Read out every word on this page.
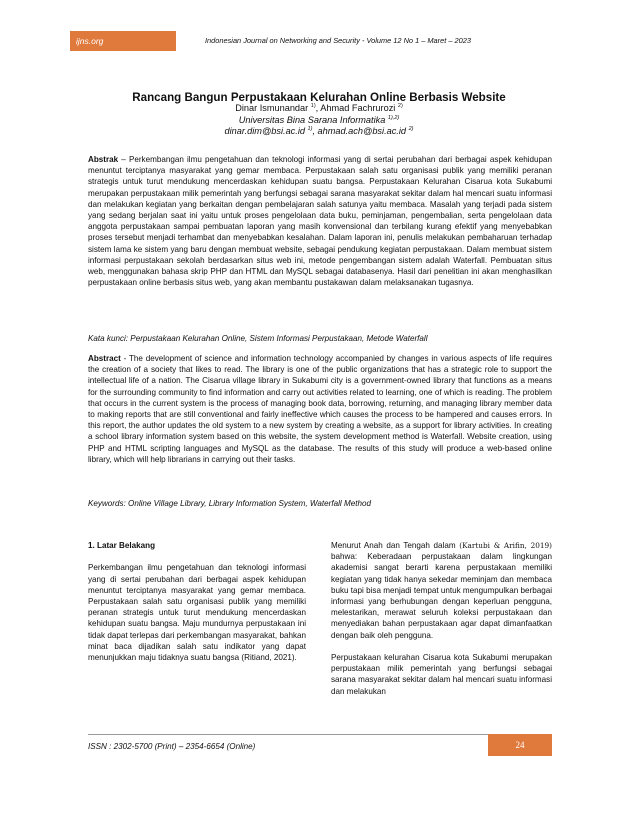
ijns.org	Indonesian Journal on Networking and Security - Volume 12 No 1 – Maret – 2023
Rancang Bangun Perpustakaan Kelurahan Online Berbasis Website
Dinar Ismunandar $^{1)}$, Ahmad Fachrurozi $^{2)}$
Universitas Bina Sarana Informatika $^{1),2)}$
dinar.dim@bsi.ac.id $^{1)}$, ahmad.ach@bsi.ac.id $^{2)}$
Abstrak – Perkembangan ilmu pengetahuan dan teknologi informasi yang di sertai perubahan dari berbagai aspek kehidupan menuntut terciptanya masyarakat yang gemar membaca. Perpustakaan salah satu organisasi publik yang memiliki peranan strategis untuk turut mendukung mencerdaskan kehidupan suatu bangsa. Perpustakaan Kelurahan Cisarua kota Sukabumi merupakan perpustakaan milik pemerintah yang berfungsi sebagai sarana masyarakat sekitar dalam hal mencari suatu informasi dan melakukan kegiatan yang berkaitan dengan pembelajaran salah satunya yaitu membaca. Masalah yang terjadi pada sistem yang sedang berjalan saat ini yaitu untuk proses pengelolaan data buku, peminjaman, pengembalian, serta pengelolaan data anggota perpustakaan sampai pembuatan laporan yang masih konvensional dan terbilang kurang efektif yang menyebabkan proses tersebut menjadi terhambat dan menyebabkan kesalahan. Dalam laporan ini, penulis melakukan pembaharuan terhadap sistem lama ke sistem yang baru dengan membuat website, sebagai pendukung kegiatan perpustakaan. Dalam membuat sistem informasi perpustakaan sekolah berdasarkan situs web ini, metode pengembangan sistem adalah Waterfall. Pembuatan situs web, menggunakan bahasa skrip PHP dan HTML dan MySQL sebagai databasenya. Hasil dari penelitian ini akan menghasilkan perpustakaan online berbasis situs web, yang akan membantu pustakawan dalam melaksanakan tugasnya.
Kata kunci: Perpustakaan Kelurahan Online, Sistem Informasi Perpustakaan, Metode Waterfall
Abstract - The development of science and information technology accompanied by changes in various aspects of life requires the creation of a society that likes to read. The library is one of the public organizations that has a strategic role to support the intellectual life of a nation. The Cisarua village library in Sukabumi city is a government-owned library that functions as a means for the surrounding community to find information and carry out activities related to learning, one of which is reading. The problem that occurs in the current system is the process of managing book data, borrowing, returning, and managing library member data to making reports that are still conventional and fairly ineffective which causes the process to be hampered and causes errors. In this report, the author updates the old system to a new system by creating a website, as a support for library activities. In creating a school library information system based on this website, the system development method is Waterfall. Website creation, using PHP and HTML scripting languages and MySQL as the database. The results of this study will produce a web-based online library, which will help librarians in carrying out their tasks.
Keywords: Online Village Library, Library Information System, Waterfall Method

1. Latar Belakang

Perkembangan ilmu pengetahuan dan teknologi informasi yang di sertai perubahan dari berbagai aspek kehidupan menuntut terciptanya masyarakat yang gemar membaca. Perpustakaan salah satu organisasi publik yang memiliki peranan strategis untuk turut mendukung mencerdaskan kehidupan suatu bangsa. Maju mundurnya perpustakaan ini tidak dapat terlepas dari perkembangan masyarakat, bahkan minat baca dijadikan salah satu indikator yang dapat menunjukkan maju tidaknya suatu bangsa (Ritiand, 2021).

Menurut Anah dan Tengah dalam (Kartubi & Arifin, 2019) bahwa: Keberadaan perpustakaan dalam lingkungan akademisi sangat berarti karena perpustakaan memiliki kegiatan yang tidak hanya sekedar meminjam dan membaca buku tapi bisa menjadi tempat untuk mengumpulkan berbagai informasi yang berhubungan dengan keperluan pengguna, melestarikan, merawat seluruh koleksi perpustakaan dan menyediakan bahan perpustakaan agar dapat dimanfaatkan dengan baik oleh pengguna.

Perpustakaan kelurahan Cisarua kota Sukabumi merupakan perpustakaan milik pemerintah yang berfungsi sebagai sarana masyarakat sekitar dalam hal mencari suatu informasi dan melakukan

ISSN : 2302-5700 (Print) – 2354-6654 (Online)	24
